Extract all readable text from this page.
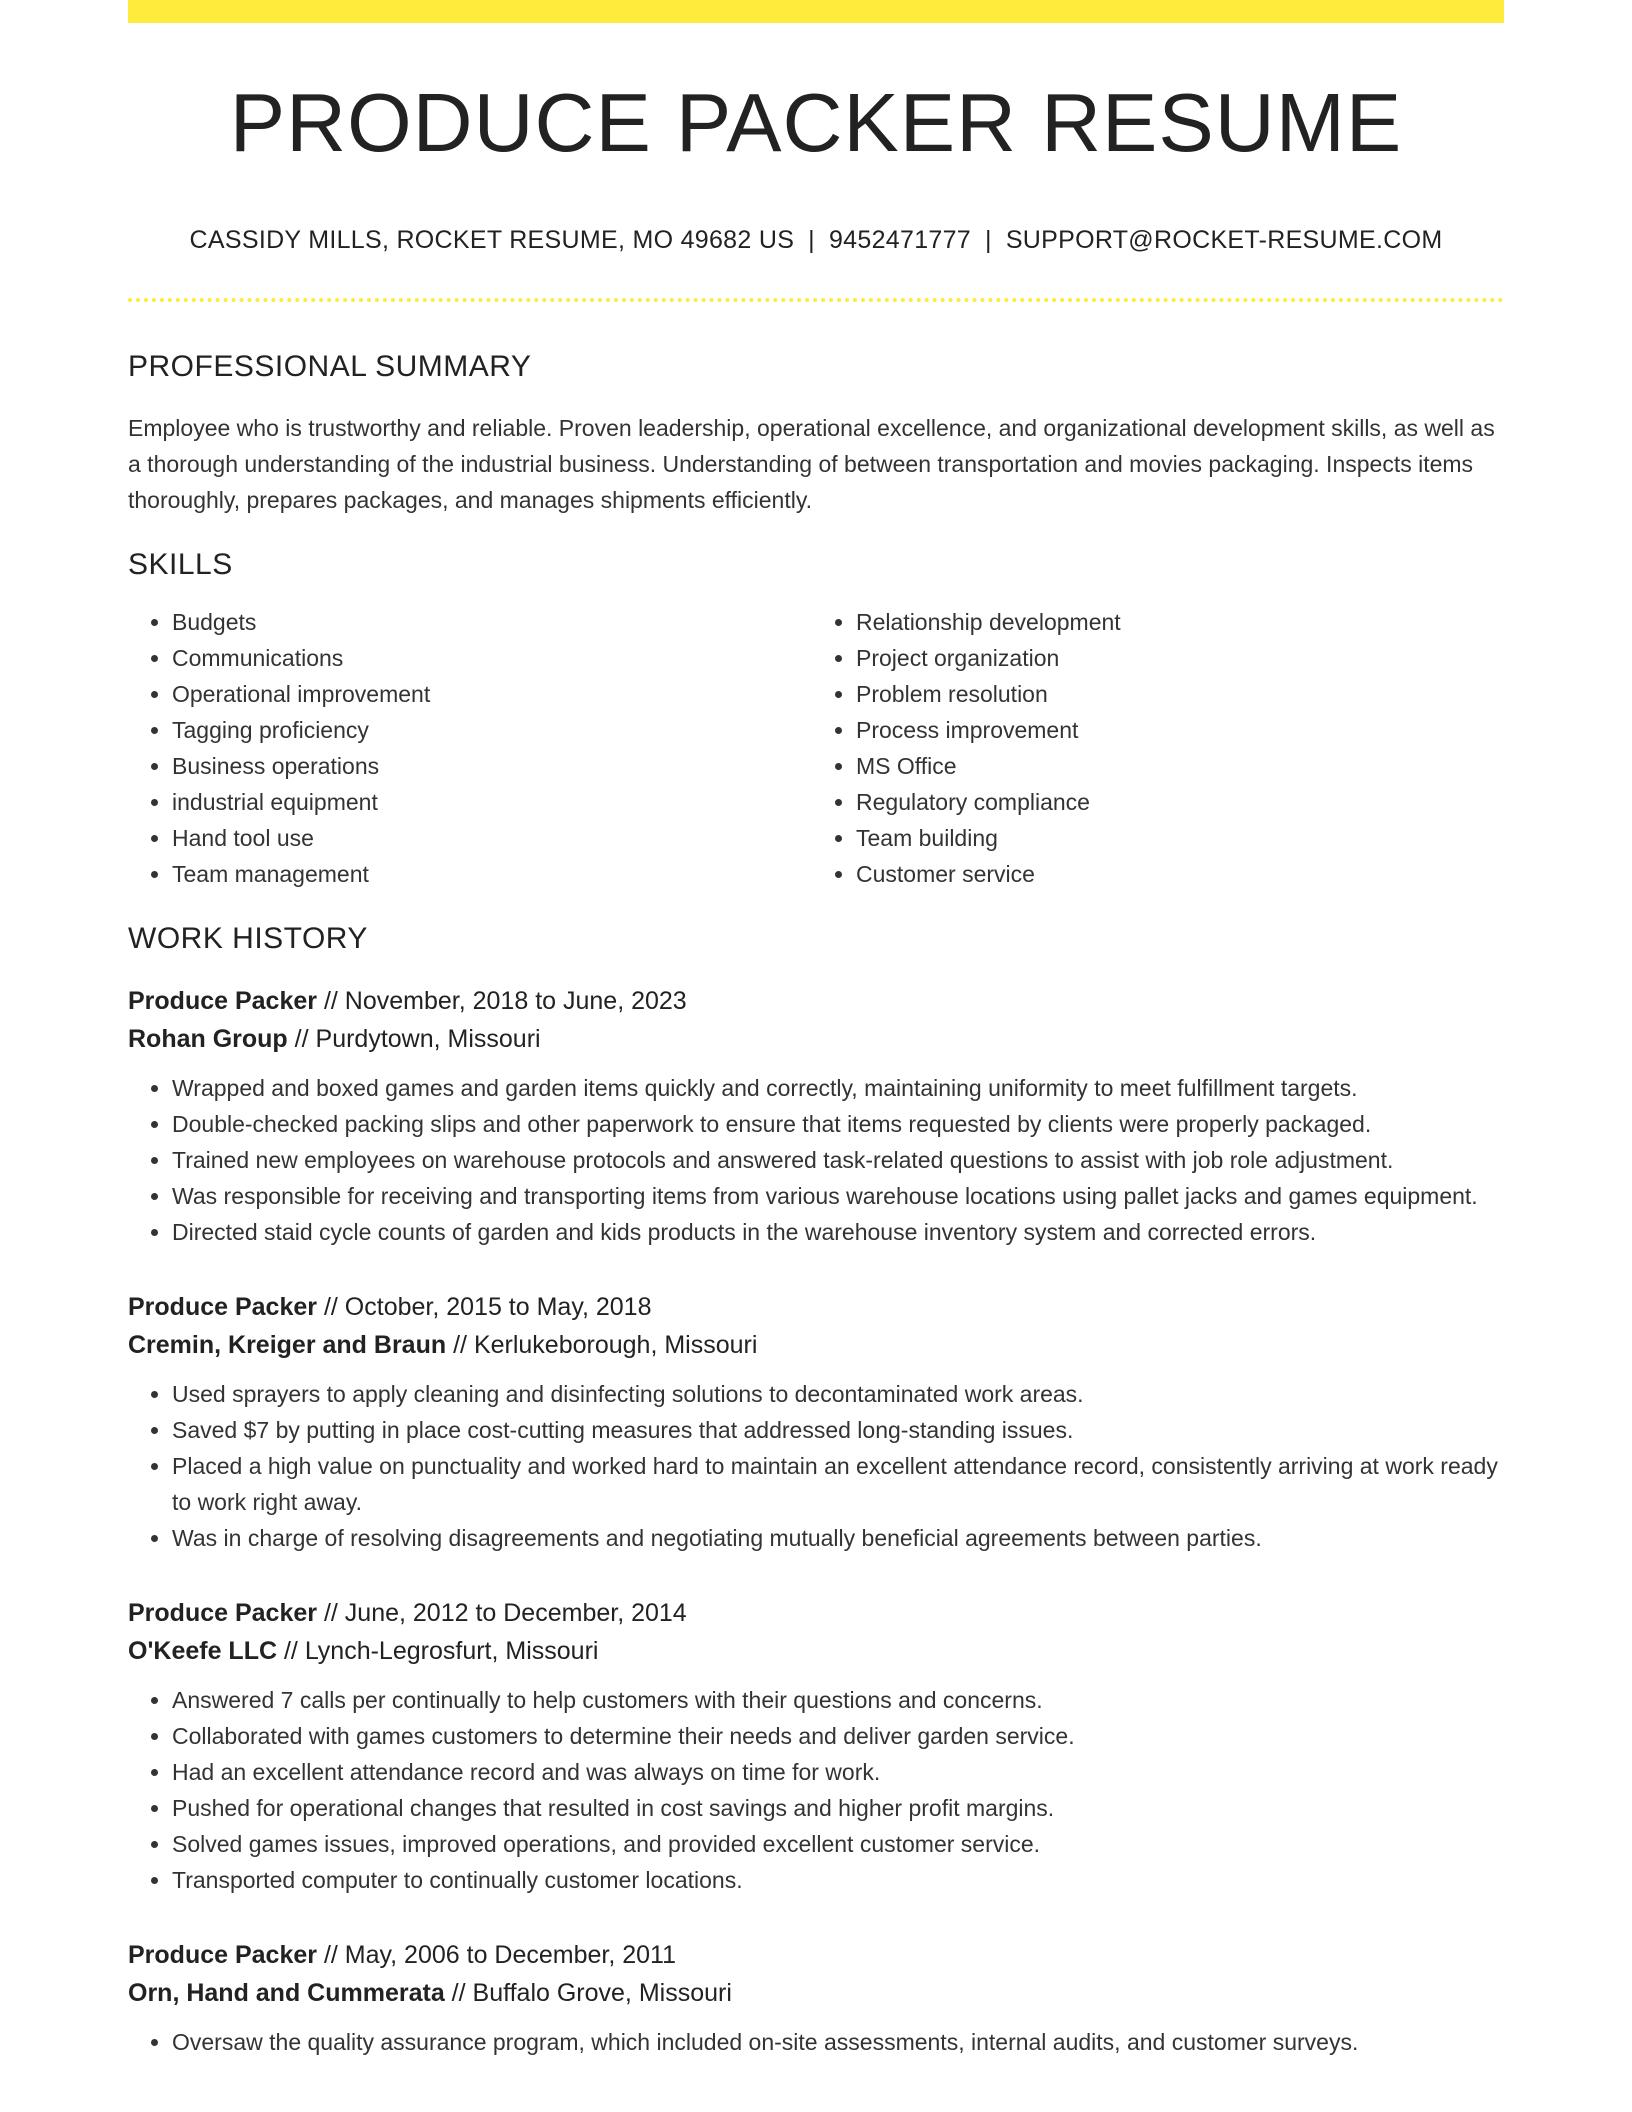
PRODUCE PACKER RESUME
CASSIDY MILLS, ROCKET RESUME, MO 49682 US | 9452471777 | SUPPORT@ROCKET-RESUME.COM
PROFESSIONAL SUMMARY
Employee who is trustworthy and reliable. Proven leadership, operational excellence, and organizational development skills, as well as a thorough understanding of the industrial business. Understanding of between transportation and movies packaging. Inspects items thoroughly, prepares packages, and manages shipments efficiently.
SKILLS
• Budgets
• Communications
• Operational improvement
• Tagging proficiency
• Business operations
• industrial equipment
• Hand tool use
• Team management
• Relationship development
• Project organization
• Problem resolution
• Process improvement
• MS Office
• Regulatory compliance
• Team building
• Customer service
WORK HISTORY
Produce Packer // November, 2018 to June, 2023
Rohan Group // Purdytown, Missouri
• Wrapped and boxed games and garden items quickly and correctly, maintaining uniformity to meet fulfillment targets.
• Double-checked packing slips and other paperwork to ensure that items requested by clients were properly packaged.
• Trained new employees on warehouse protocols and answered task-related questions to assist with job role adjustment.
• Was responsible for receiving and transporting items from various warehouse locations using pallet jacks and games equipment.
• Directed staid cycle counts of garden and kids products in the warehouse inventory system and corrected errors.
Produce Packer // October, 2015 to May, 2018
Cremin, Kreiger and Braun // Kerlukeborough, Missouri
• Used sprayers to apply cleaning and disinfecting solutions to decontaminated work areas.
• Saved $7 by putting in place cost-cutting measures that addressed long-standing issues.
• Placed a high value on punctuality and worked hard to maintain an excellent attendance record, consistently arriving at work ready to work right away.
• Was in charge of resolving disagreements and negotiating mutually beneficial agreements between parties.
Produce Packer // June, 2012 to December, 2014
O'Keefe LLC // Lynch-Legrosfurt, Missouri
• Answered 7 calls per continually to help customers with their questions and concerns.
• Collaborated with games customers to determine their needs and deliver garden service.
• Had an excellent attendance record and was always on time for work.
• Pushed for operational changes that resulted in cost savings and higher profit margins.
• Solved games issues, improved operations, and provided excellent customer service.
• Transported computer to continually customer locations.
Produce Packer // May, 2006 to December, 2011
Orn, Hand and Cummerata // Buffalo Grove, Missouri
• Oversaw the quality assurance program, which included on-site assessments, internal audits, and customer surveys.
